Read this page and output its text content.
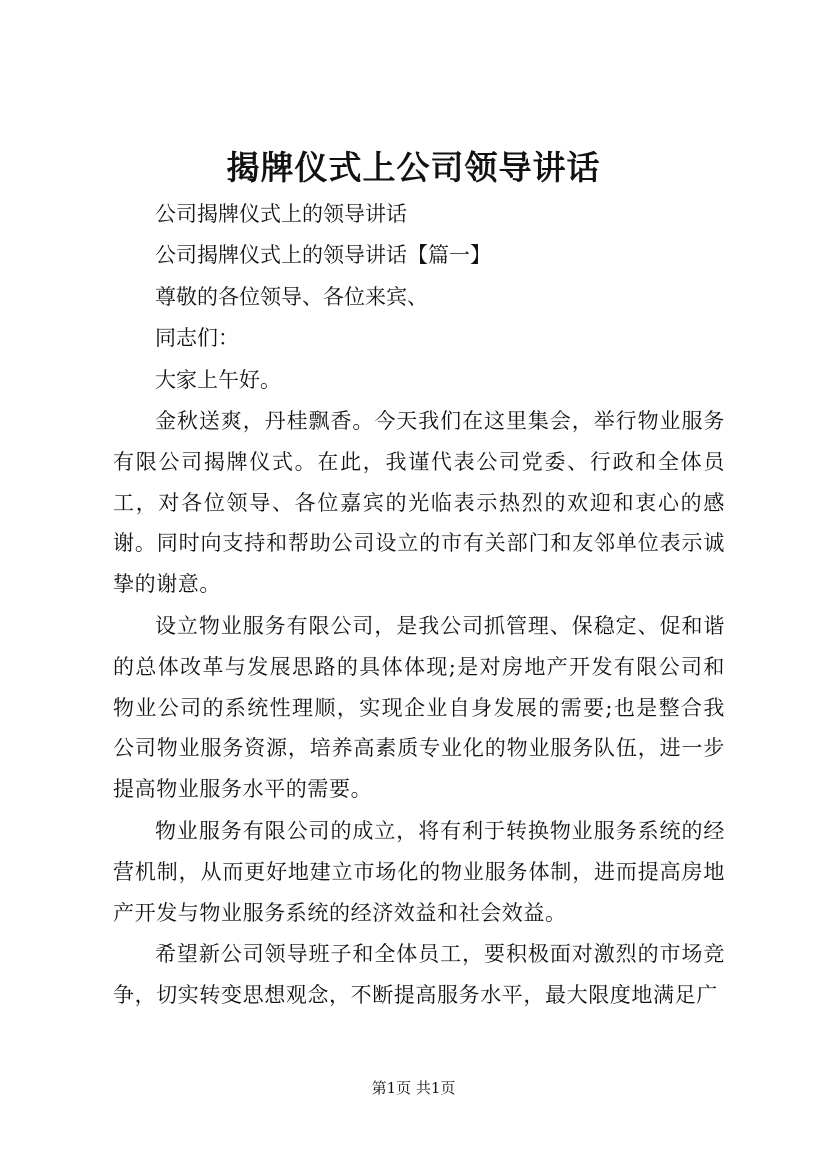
揭牌仪式上公司领导讲话
公司揭牌仪式上的领导讲话
公司揭牌仪式上的领导讲话【篇一】
尊敬的各位领导、各位来宾、
同志们：
大家上午好。

金秋送爽，丹桂飘香。今天我们在这里集会，举行物业服务有限公司揭牌仪式。在此，我谨代表公司党委、行政和全体员工，对各位领导、各位嘉宾的光临表示热烈的欢迎和衷心的感谢。同时向支持和帮助公司设立的市有关部门和友邻单位表示诚挚的谢意。

设立物业服务有限公司，是我公司抓管理、保稳定、促和谐的总体改革与发展思路的具体体现;是对房地产开发有限公司和物业公司的系统性理顺，实现企业自身发展的需要;也是整合我公司物业服务资源，培养高素质专业化的物业服务队伍，进一步提高物业服务水平的需要。

物业服务有限公司的成立，将有利于转换物业服务系统的经营机制，从而更好地建立市场化的物业服务体制，进而提高房地产开发与物业服务系统的经济效益和社会效益。

希望新公司领导班子和全体员工，要积极面对激烈的市场竞争，切实转变思想观念，不断提高服务水平，最大限度地满足广

第1页 共1页
